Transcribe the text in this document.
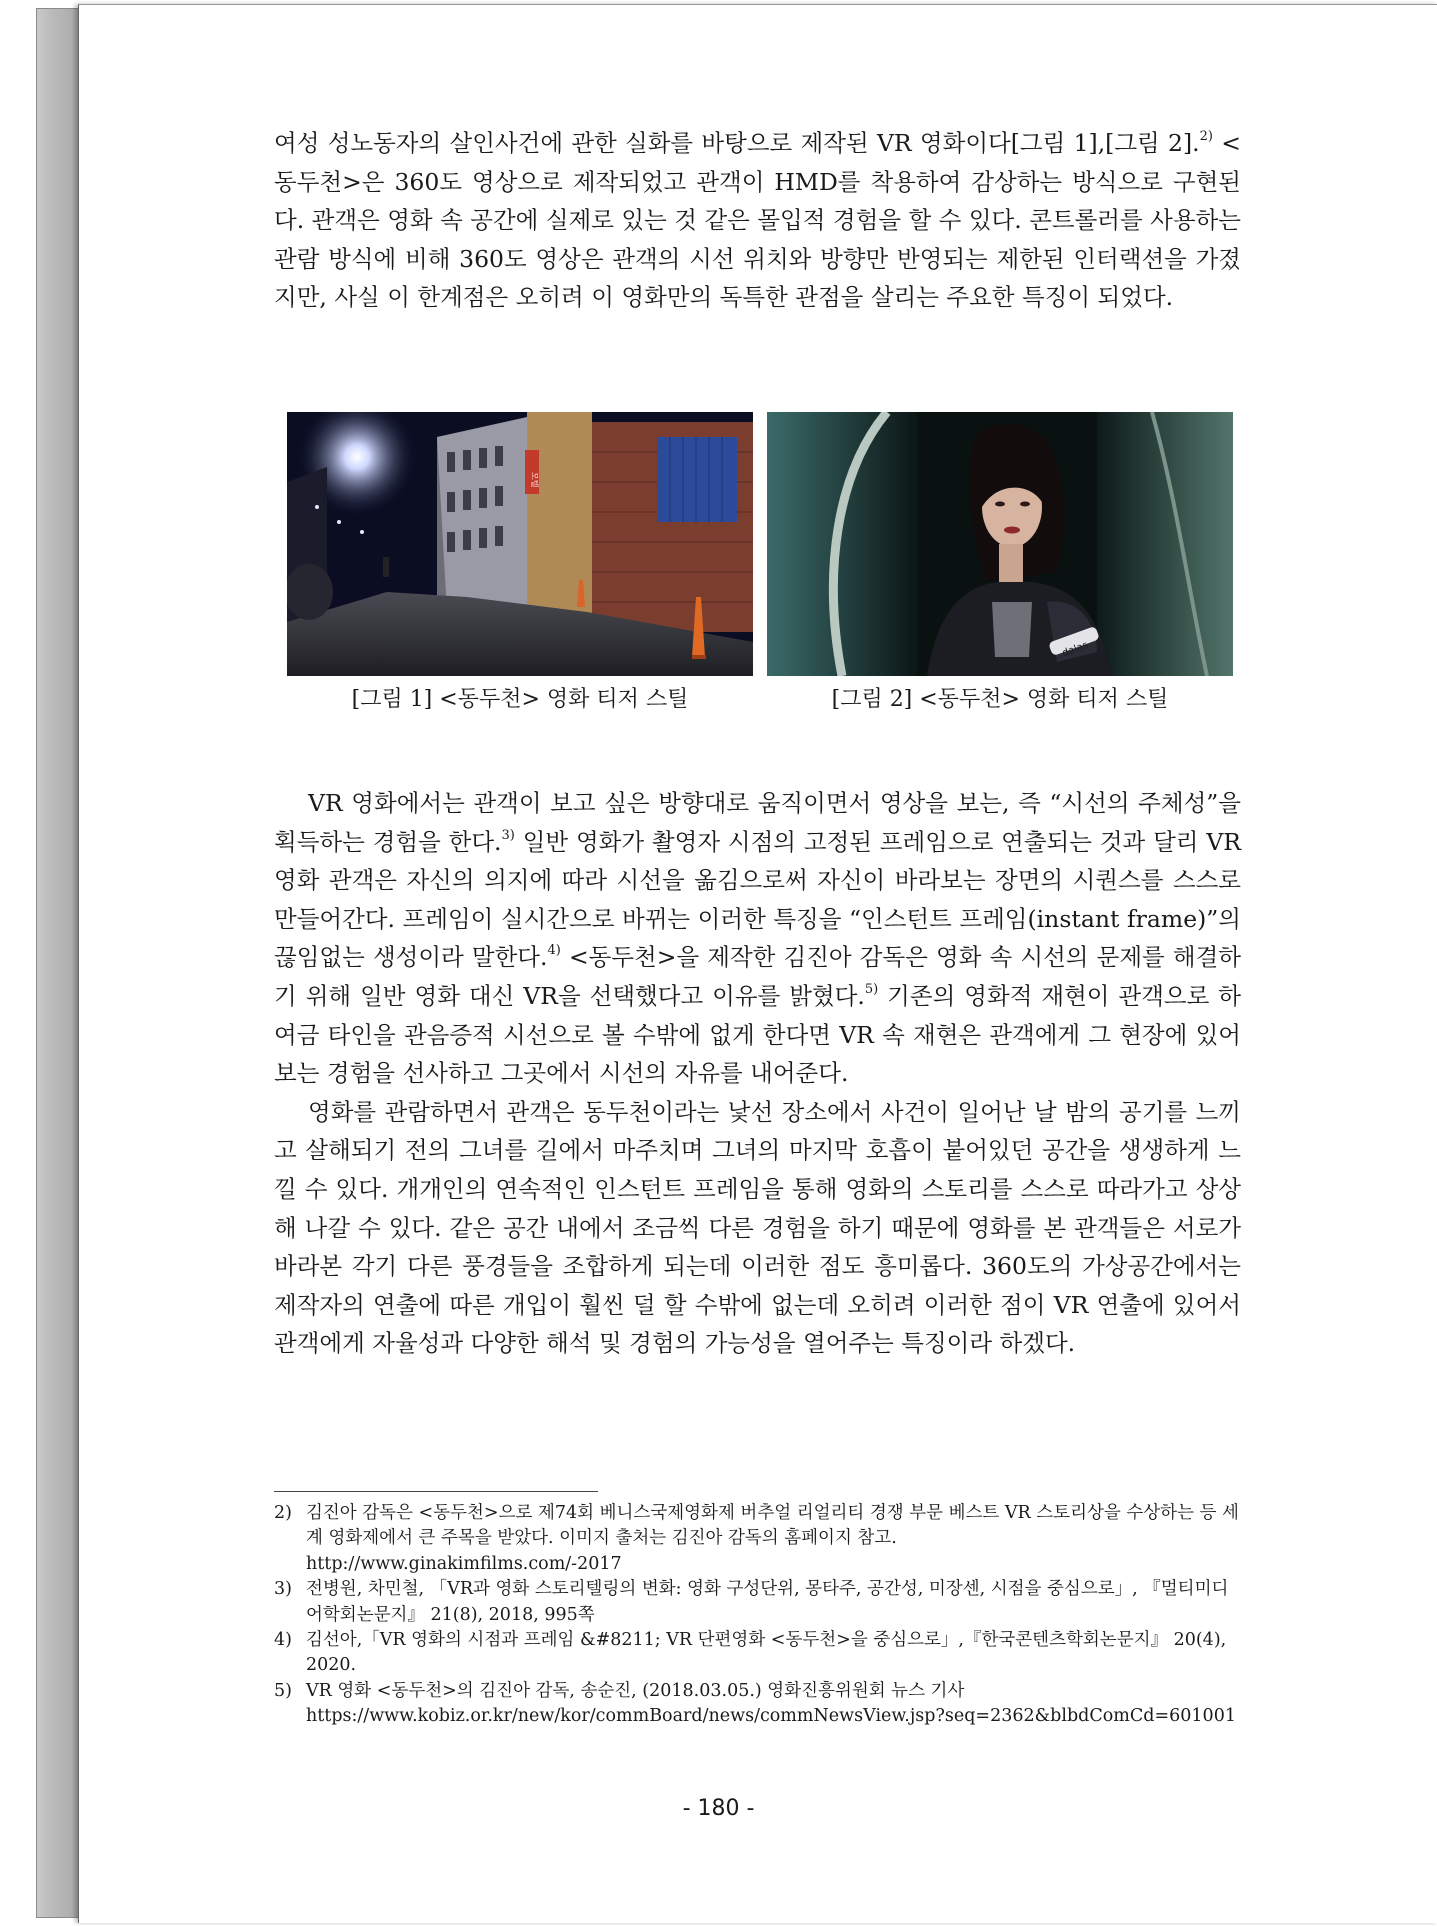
여성 성노동자의 살인사건에 관한 실화를 바탕으로 제작된 VR 영화이다[그림 1],[그림 2].$^{2)}$ <동두천>은 360도 영상으로 제작되었고 관객이 HMD를 착용하여 감상하는 방식으로 구현된다. 관객은 영화 속 공간에 실제로 있는 것 같은 몰입적 경험을 할 수 있다. 콘트롤러를 사용하는 관람 방식에 비해 360도 영상은 관객의 시선 위치와 방향만 반영되는 제한된 인터랙션을 가졌지만, 사실 이 한계점은 오히려 이 영화만의 독특한 관점을 살리는 주요한 특징이 되었다.

모텔
dalas
[그림 1] <동두천> 영화 티저 스틸	[그림 2] <동두천> 영화 티저 스틸

VR 영화에서는 관객이 보고 싶은 방향대로 움직이면서 영상을 보는, 즉 “시선의 주체성”을 획득하는 경험을 한다.$^{3)}$ 일반 영화가 촬영자 시점의 고정된 프레임으로 연출되는 것과 달리 VR 영화 관객은 자신의 의지에 따라 시선을 옮김으로써 자신이 바라보는 장면의 시퀀스를 스스로 만들어간다. 프레임이 실시간으로 바뀌는 이러한 특징을 “인스턴트 프레임(instant frame)”의 끊임없는 생성이라 말한다.$^{4)}$ <동두천>을 제작한 김진아 감독은 영화 속 시선의 문제를 해결하기 위해 일반 영화 대신 VR을 선택했다고 이유를 밝혔다.$^{5)}$ 기존의 영화적 재현이 관객으로 하여금 타인을 관음증적 시선으로 볼 수밖에 없게 한다면 VR 속 재현은 관객에게 그 현장에 있어보는 경험을 선사하고 그곳에서 시선의 자유를 내어준다.

영화를 관람하면서 관객은 동두천이라는 낯선 장소에서 사건이 일어난 날 밤의 공기를 느끼고 살해되기 전의 그녀를 길에서 마주치며 그녀의 마지막 호흡이 붙어있던 공간을 생생하게 느낄 수 있다. 개개인의 연속적인 인스턴트 프레임을 통해 영화의 스토리를 스스로 따라가고 상상해 나갈 수 있다. 같은 공간 내에서 조금씩 다른 경험을 하기 때문에 영화를 본 관객들은 서로가 바라본 각기 다른 풍경들을 조합하게 되는데 이러한 점도 흥미롭다. 360도의 가상공간에서는 제작자의 연출에 따른 개입이 훨씬 덜 할 수밖에 없는데 오히려 이러한 점이 VR 연출에 있어서 관객에게 자율성과 다양한 해석 및 경험의 가능성을 열어주는 특징이라 하겠다.

2) 김진아 감독은 <동두천>으로 제74회 베니스국제영화제 버추얼 리얼리티 경쟁 부문 베스트 VR 스토리상을 수상하는 등 세계 영화제에서 큰 주목을 받았다. 이미지 출처는 김진아 감독의 홈페이지 참고.
http://www.ginakimfilms.com/-2017
3) 전병원, 차민철, 「VR과 영화 스토리텔링의 변화: 영화 구성단위, 몽타주, 공간성, 미장센, 시점을 중심으로」, 『멀티미디어학회논문지』 21(8), 2018, 995쪽
4) 김선아,「VR 영화의 시점과 프레임 &#8211; VR 단편영화 <동두천>을 중심으로」,『한국콘텐츠학회논문지』 20(4), 2020.
5) VR 영화 <동두천>의 김진아 감독, 송순진, (2018.03.05.) 영화진흥위원회 뉴스 기사
https://www.kobiz.or.kr/new/kor/commBoard/news/commNewsView.jsp?seq=2362&blbdComCd=601001
- 180 -
